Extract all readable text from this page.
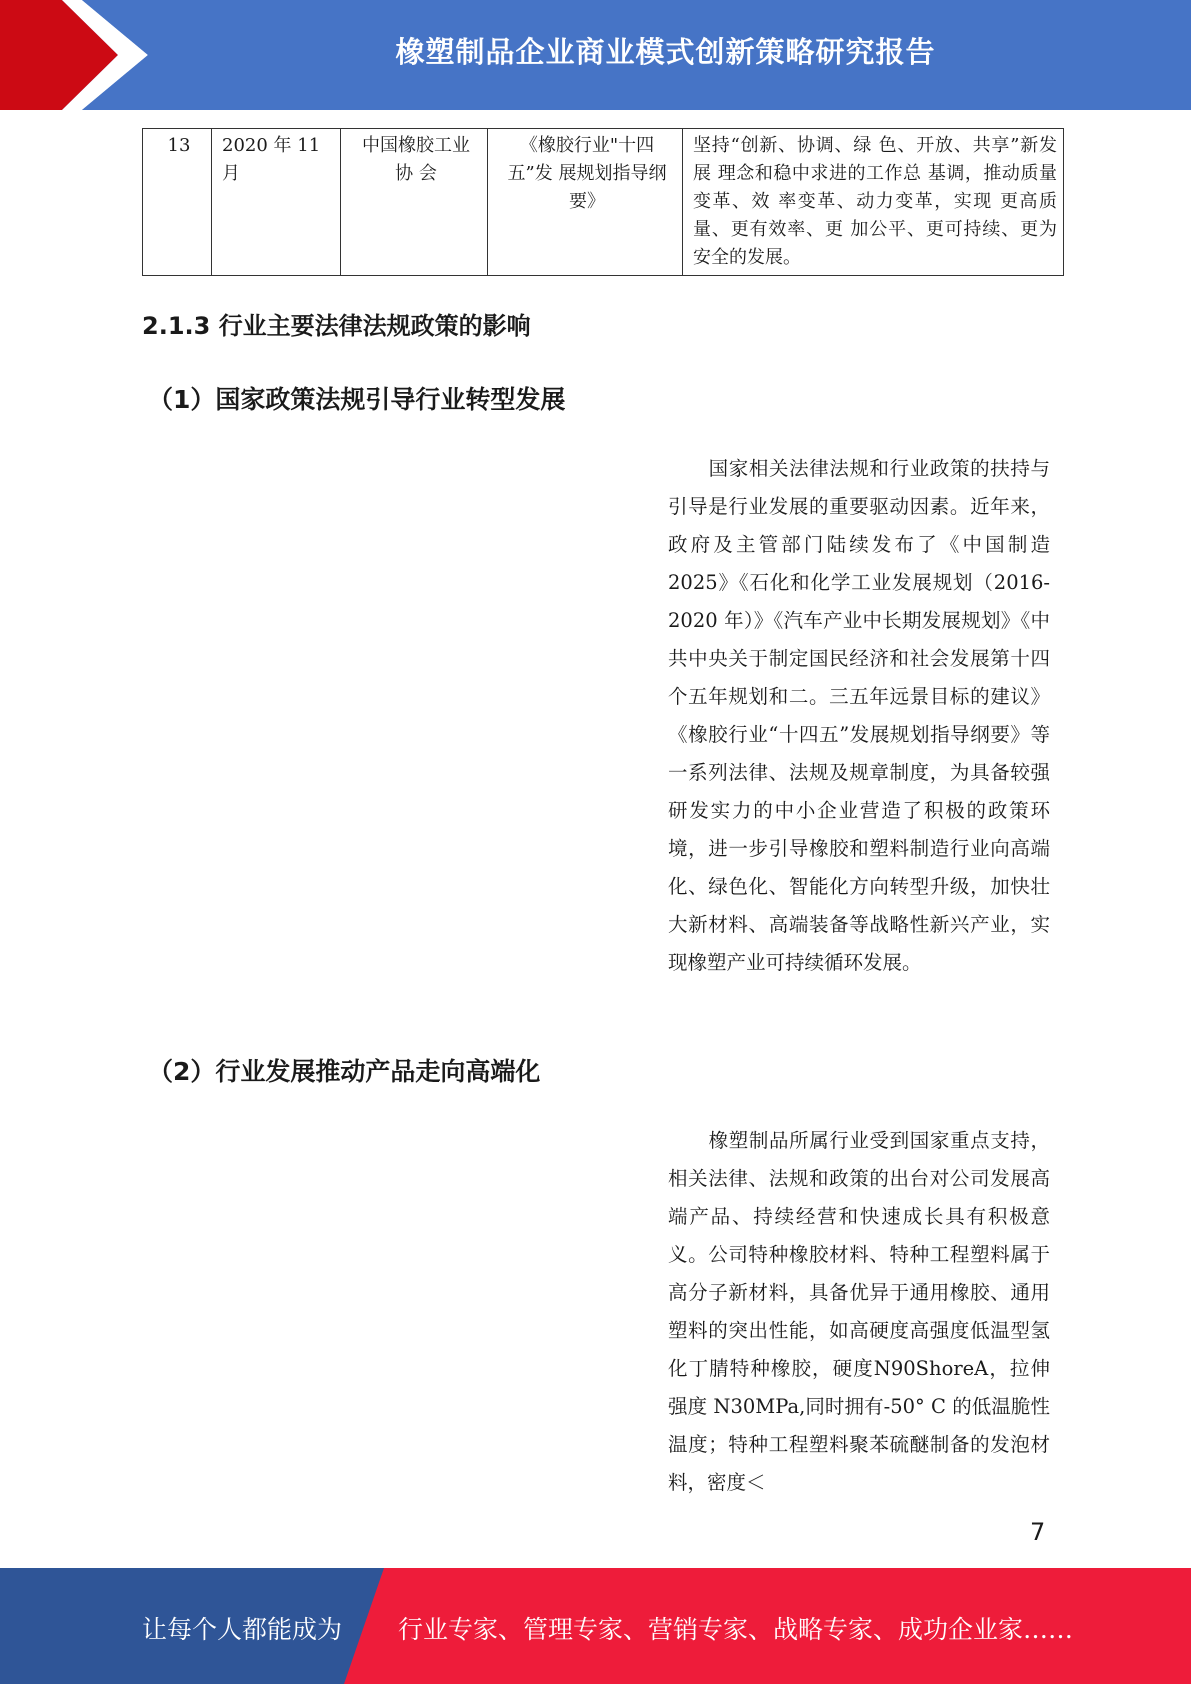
橡塑制品企业商业模式创新策略研究报告
13	2020 年 11 月	中国橡胶工业 协 会	《橡胶行业"十四五”发 展规划指导纲要》	坚持“创新、协调、绿 色、开放、共享”新发展 理念和稳中求进的工作总 基调，推动质量变革、效 率变革、动力变革，实现 更高质量、更有效率、更 加公平、更可持续、更为 安全的发展。
2.1.3 行业主要法律法规政策的影响
（1）国家政策法规引导行业转型发展

国家相关法律法规和行业政策的扶持与引导是行业发展的重要驱动因素。近年来，政府及主管部门陆续发布了《中国制造 2025》《石化和化学工业发展规划（2016-2020 年）》《汽车产业中长期发展规划》《中共中央关于制定国民经济和社会发展第十四个五年规划和二。三五年远景目标的建议》《橡胶行业“十四五”发展规划指导纲要》等一系列法律、法规及规章制度，为具备较强研发实力的中小企业营造了积极的政策环境，进一步引导橡胶和塑料制造行业向高端化、绿色化、智能化方向转型升级，加快壮大新材料、高端装备等战略性新兴产业，实现橡塑产业可持续循环发展。

（2）行业发展推动产品走向高端化

橡塑制品所属行业受到国家重点支持，相关法律、法规和政策的出台对公司发展高端产品、持续经营和快速成长具有积极意义。公司特种橡胶材料、特种工程塑料属于高分子新材料，具备优异于通用橡胶、通用塑料的突出性能，如高硬度高强度低温型氢化丁腈特种橡胶，硬度N90ShoreA，拉伸强度 N30MPa,同时拥有-50° C 的低温脆性温度；特种工程塑料聚苯硫醚制备的发泡材料，密度＜

7
让每个人都能成为 行业专家、管理专家、营销专家、战略专家、成功企业家……
